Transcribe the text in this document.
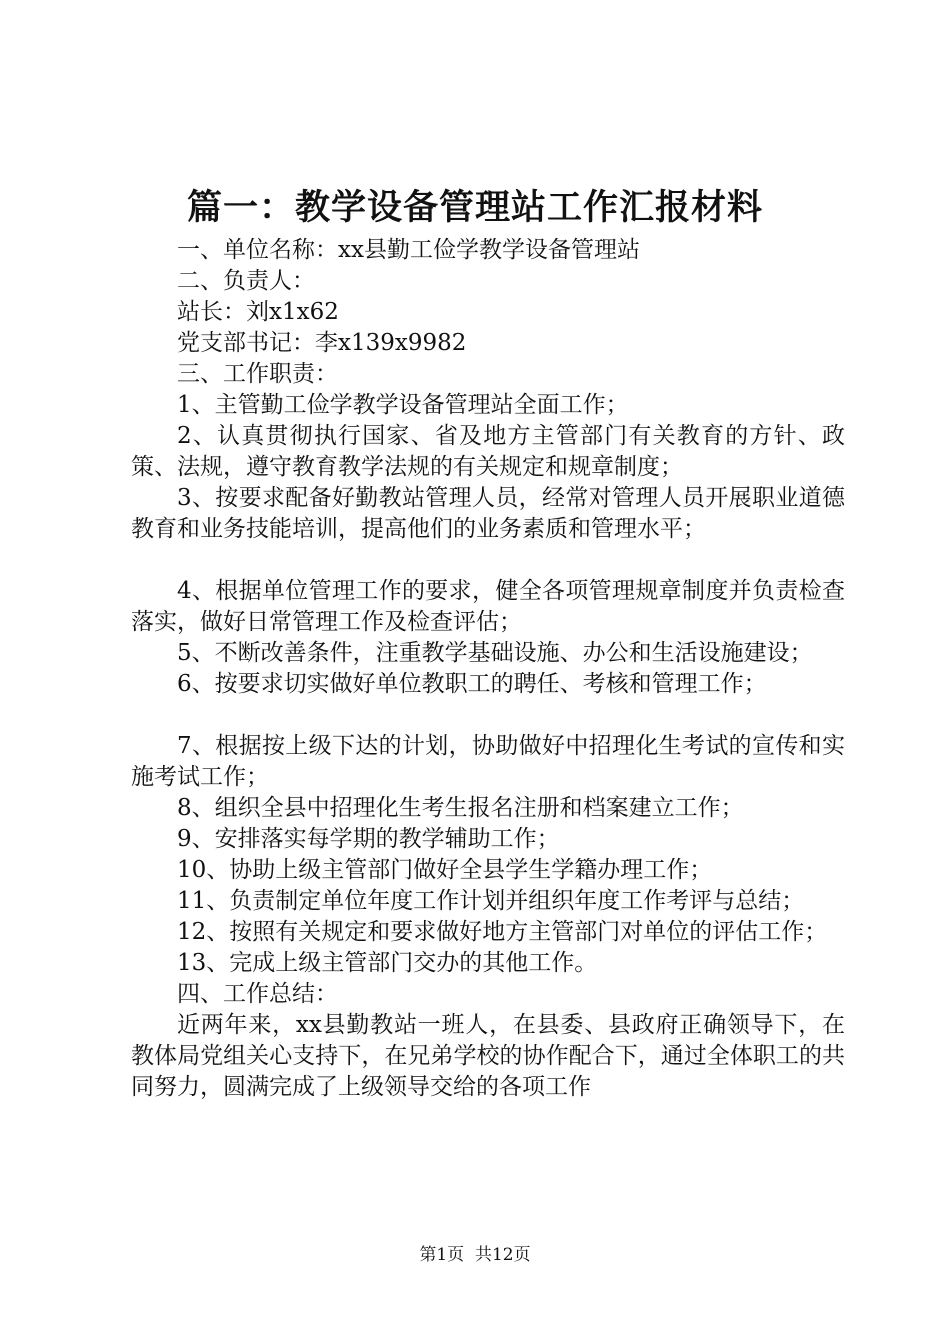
篇一：教学设备管理站工作汇报材料

一、单位名称：xx县勤工俭学教学设备管理站

二、负责人：

站长：刘x1x62

党支部书记：李x139x9982

三、工作职责：

1、主管勤工俭学教学设备管理站全面工作；

2、认真贯彻执行国家、省及地方主管部门有关教育的方针、政策、法规，遵守教育教学法规的有关规定和规章制度；

3、按要求配备好勤教站管理人员，经常对管理人员开展职业道德教育和业务技能培训，提高他们的业务素质和管理水平；

4、根据单位管理工作的要求，健全各项管理规章制度并负责检查落实，做好日常管理工作及检查评估；

5、不断改善条件，注重教学基础设施、办公和生活设施建设；

6、按要求切实做好单位教职工的聘任、考核和管理工作；

7、根据按上级下达的计划，协助做好中招理化生考试的宣传和实施考试工作；

8、组织全县中招理化生考生报名注册和档案建立工作；

9、安排落实每学期的教学辅助工作；

10、协助上级主管部门做好全县学生学籍办理工作；

11、负责制定单位年度工作计划并组织年度工作考评与总结；

12、按照有关规定和要求做好地方主管部门对单位的评估工作；

13、完成上级主管部门交办的其他工作。

四、工作总结：

近两年来，xx县勤教站一班人，在县委、县政府正确领导下，在教体局党组关心支持下，在兄弟学校的协作配合下，通过全体职工的共同努力，圆满完成了上级领导交给的各项工作

第1页  共12页
